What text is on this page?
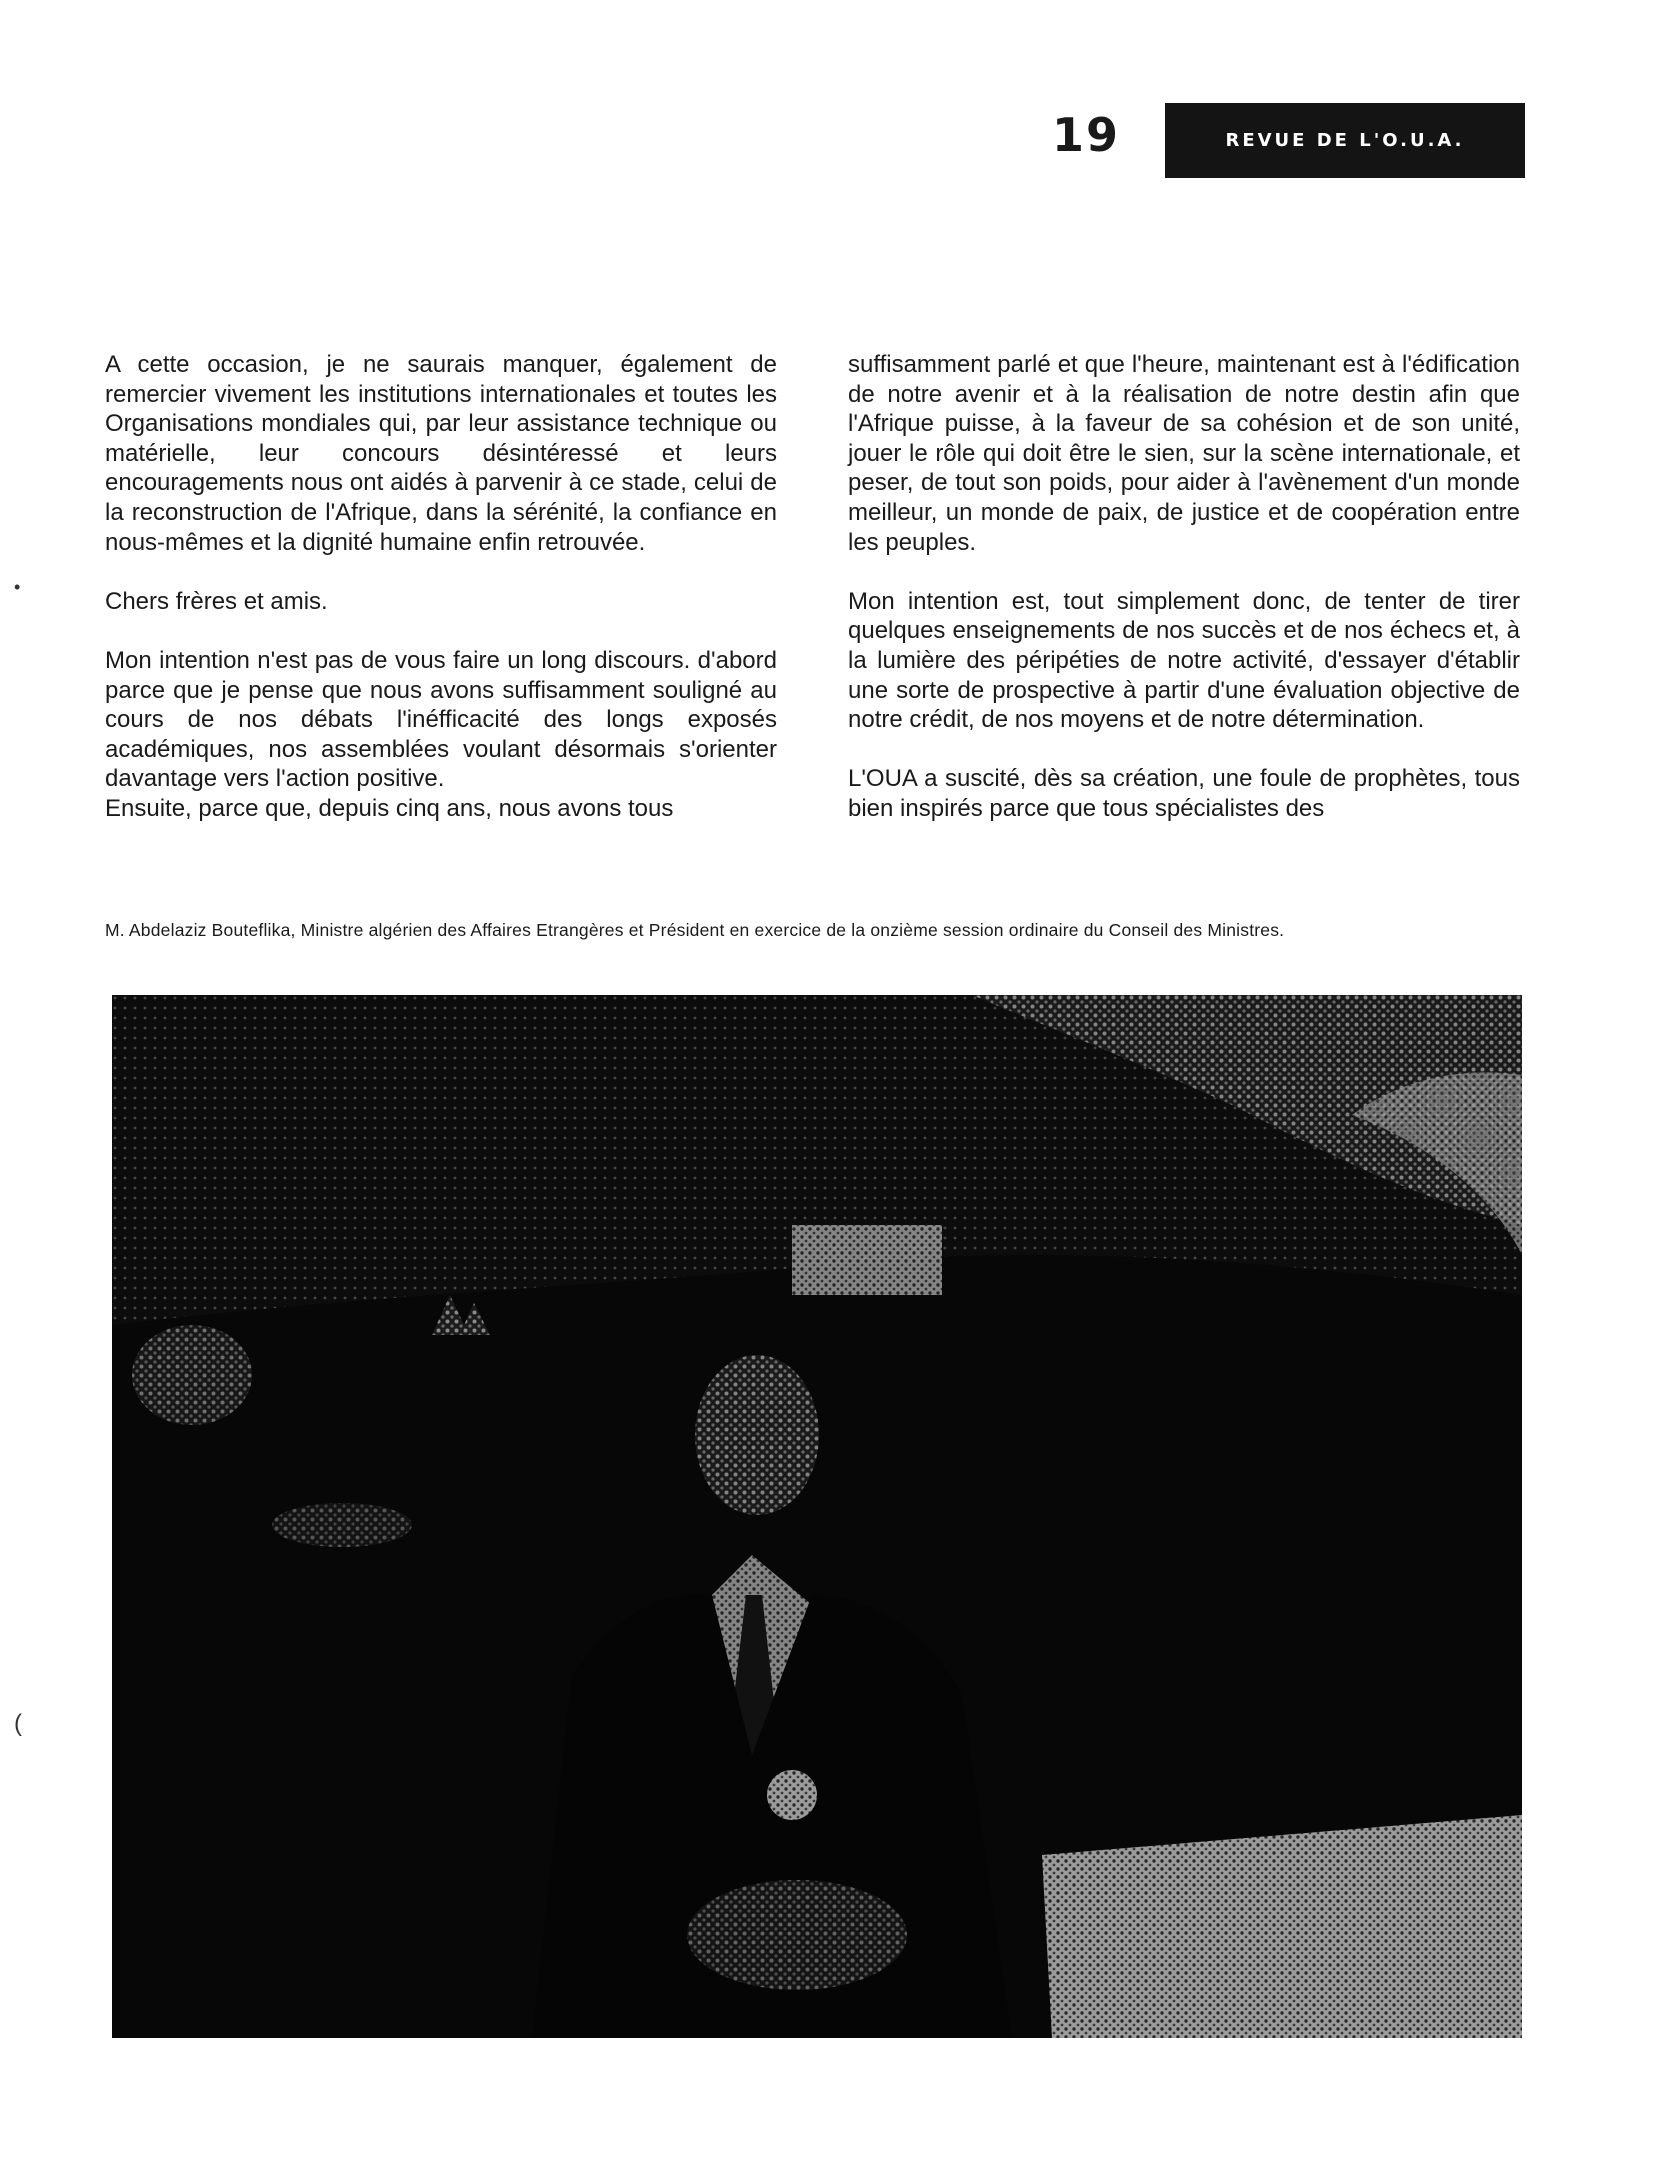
19	REVUE DE L'O.U.A.

A cette occasion, je ne saurais manquer, également de remercier vivement les institutions internationales et toutes les Organisations mondiales qui, par leur assistance technique ou matérielle, leur concours désintéressé et leurs encouragements nous ont aidés à parvenir à ce stade, celui de la reconstruction de l'Afrique, dans la sérénité, la confiance en nous-mêmes et la dignité humaine enfin retrouvée.

Chers frères et amis.

Mon intention n'est pas de vous faire un long discours. d'abord parce que je pense que nous avons suffisamment souligné au cours de nos débats l'inéfficacité des longs exposés académiques, nos assemblées voulant désormais s'orienter davantage vers l'action positive.

Ensuite, parce que, depuis cinq ans, nous avons tous

suffisamment parlé et que l'heure, maintenant est à l'édification de notre avenir et à la réalisation de notre destin afin que l'Afrique puisse, à la faveur de sa cohésion et de son unité, jouer le rôle qui doit être le sien, sur la scène internationale, et peser, de tout son poids, pour aider à l'avènement d'un monde meilleur, un monde de paix, de justice et de coopération entre les peuples.

Mon intention est, tout simplement donc, de tenter de tirer quelques enseignements de nos succès et de nos échecs et, à la lumière des péripéties de notre activité, d'essayer d'établir une sorte de prospective à partir d'une évaluation objective de notre crédit, de nos moyens et de notre détermination.

L'OUA a suscité, dès sa création, une foule de prophètes, tous bien inspirés parce que tous spécialistes des

M. Abdelaziz Bouteflika, Ministre algérien des Affaires Etrangères et Président en exercice de la onzième session ordinaire du Conseil des Ministres.
•
(
